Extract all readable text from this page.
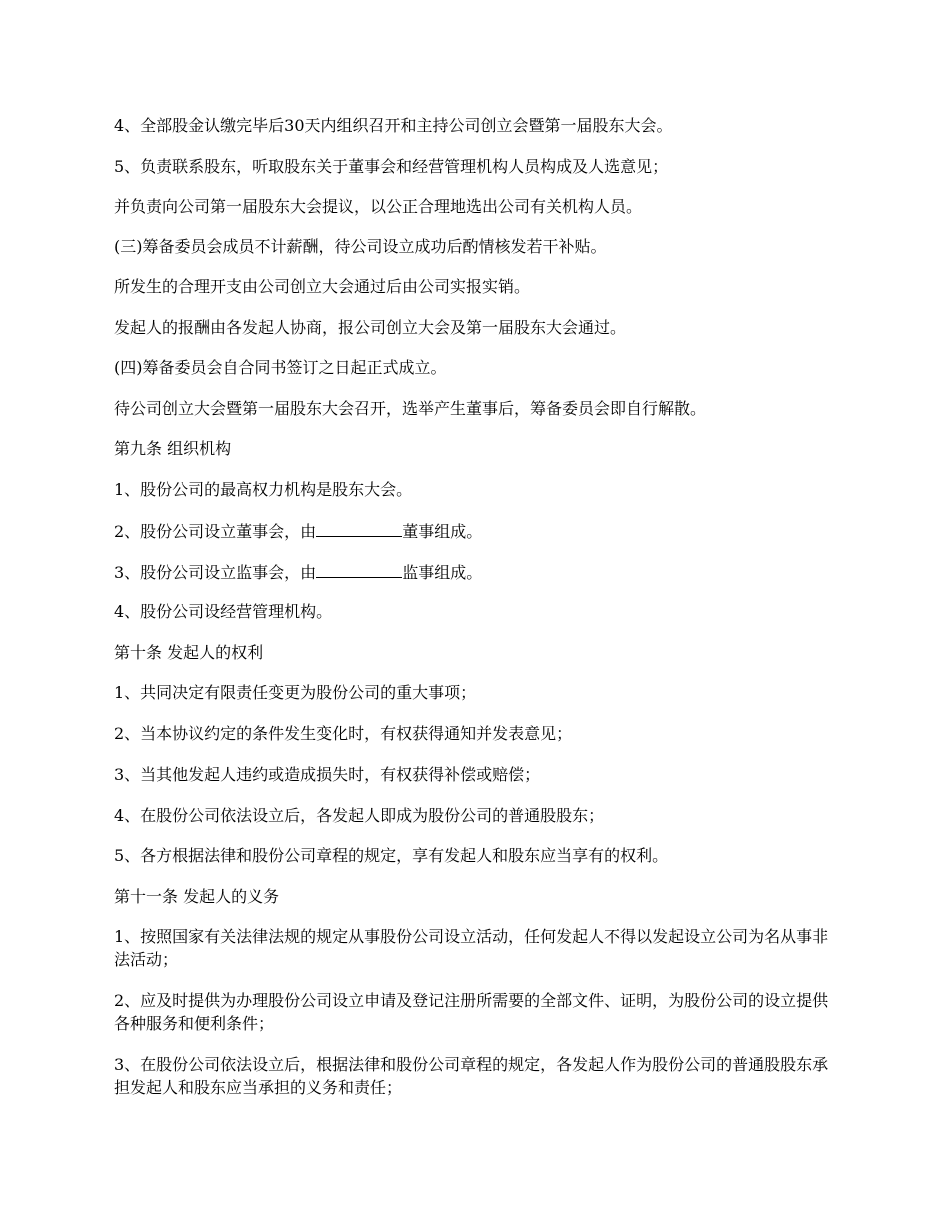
4、全部股金认缴完毕后30天内组织召开和主持公司创立会暨第一届股东大会。
5、负责联系股东，听取股东关于董事会和经营管理机构人员构成及人选意见；
并负责向公司第一届股东大会提议，以公正合理地选出公司有关机构人员。
(三)筹备委员会成员不计薪酬，待公司设立成功后酌情核发若干补贴。
所发生的合理开支由公司创立大会通过后由公司实报实销。
发起人的报酬由各发起人协商，报公司创立大会及第一届股东大会通过。
(四)筹备委员会自合同书签订之日起正式成立。
待公司创立大会暨第一届股东大会召开，选举产生董事后，筹备委员会即自行解散。
第九条 组织机构
1、股份公司的最高权力机构是股东大会。
2、股份公司设立董事会，由	董事组成。
3、股份公司设立监事会，由	监事组成。
4、股份公司设经营管理机构。
第十条 发起人的权利
1、共同决定有限责任变更为股份公司的重大事项；
2、当本协议约定的条件发生变化时，有权获得通知并发表意见；
3、当其他发起人违约或造成损失时，有权获得补偿或赔偿；
4、在股份公司依法设立后，各发起人即成为股份公司的普通股股东；
5、各方根据法律和股份公司章程的规定，享有发起人和股东应当享有的权利。
第十一条 发起人的义务
1、按照国家有关法律法规的规定从事股份公司设立活动，任何发起人不得以发起设立公司为名从事非法活动；
2、应及时提供为办理股份公司设立申请及登记注册所需要的全部文件、证明，为股份公司的设立提供各种服务和便利条件；
3、在股份公司依法设立后，根据法律和股份公司章程的规定，各发起人作为股份公司的普通股股东承担发起人和股东应当承担的义务和责任；
